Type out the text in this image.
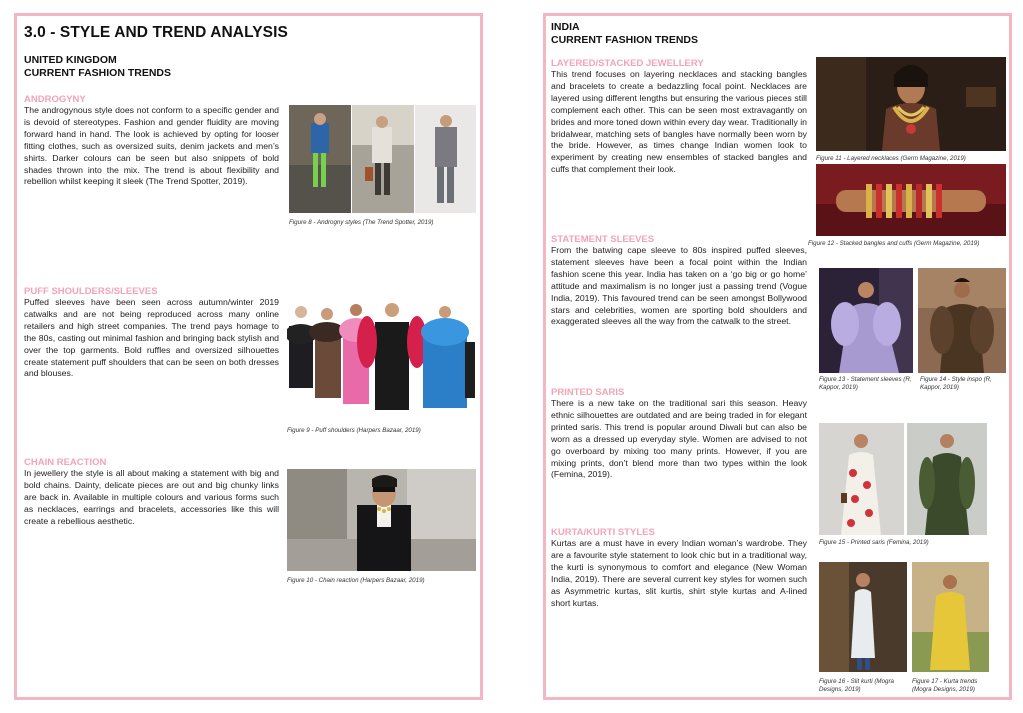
3.0 - STYLE AND TREND ANALYSIS
UNITED KINGDOM
CURRENT FASHION TRENDS
ANDROGYNY
The androgynous style does not conform to a specific gender and is devoid of stereotypes. Fashion and gender fluidity are moving forward hand in hand. The look is achieved by opting for looser fitting clothes, such as oversized suits, denim jackets and men’s shirts. Darker colours can be seen but also snippets of bold shades thrown into the mix. The trend is about flexibility and rebellion whilst keeping it sleek (The Trend Spotter, 2019).
Figure 8 - Androgny styles (The Trend Spotter, 2019)
PUFF SHOULDERS/SLEEVES
Puffed sleeves have been seen across autumn/winter 2019 catwalks and are not being reproduced across many online retailers and high street companies. The trend pays homage to the 80s, casting out minimal fashion and bringing back stylish and over the top garments. Bold ruffles and oversized silhouettes create statement puff shoulders that can be seen on both dresses and blouses.
Figure 9 - Puff shoulders (Harpers Bazaar, 2019)
CHAIN REACTION
In jewellery the style is all about making a statement with big and bold chains. Dainty, delicate pieces are out and big chunky links are back in. Available in multiple colours and various forms such as necklaces, earrings and bracelets, accessories like this will create a rebellious aesthetic.
Figure 10 - Chain reaction (Harpers Bazaar, 2019)
INDIA
CURRENT FASHION TRENDS
LAYERED/STACKED JEWELLERY
This trend focuses on layering necklaces and stacking bangles and bracelets to create a bedazzling focal point. Necklaces are layered using different lengths but ensuring the various pieces still complement each other. This can be seen most extravagantly on brides and more toned down within every day wear. Traditionally in bridalwear, matching sets of bangles have normally been worn by the bride. However, as times change Indian women look to experiment by creating new ensembles of stacked bangles and cuffs that complement their look.
Figure 11 - Layered necklaces (Germ Magazine, 2019)
Figure 12 - Stacked bangles and cuffs (Germ Magazine, 2019)
STATEMENT SLEEVES
From the batwing cape sleeve to 80s inspired puffed sleeves, statement sleeves have been a focal point within the Indian fashion scene this year. India has taken on a ‘go big or go home’ attitude and maximalism is no longer just a passing trend (Vogue India, 2019). This favoured trend can be seen amongst Bollywood stars and celebrities, women are sporting bold shoulders and exaggerated sleeves all the way from the catwalk to the street.
Figure 13 - Statement sleeves (R, Kappor, 2019)
Figure 14 - Style inspo (R, Kappor, 2019)
PRINTED SARIS
There is a new take on the traditional sari this season. Heavy ethnic silhouettes are outdated and are being traded in for elegant printed saris. This trend is popular around Diwali but can also be worn as a dressed up everyday style. Women are advised to not go overboard by mixing too many prints. However, if you are mixing prints, don’t blend more than two types within the look (Femina, 2019).
Figure 15 - Printed saris (Femina, 2019)
KURTA/KURTI STYLES
Kurtas are a must have in every Indian woman’s wardrobe. They are a favourite style statement to look chic but in a traditional way, the kurti is synonymous to comfort and elegance (New Woman India, 2019). There are several current key styles for women such as Asymmetric kurtas, slit kurtis, shirt style kurtas and A-lined short kurtas.
Figure 16 - Slit kurti (Mogra Designs, 2019)
Figure 17 - Kurta trends (Mogra Designs, 2019)
